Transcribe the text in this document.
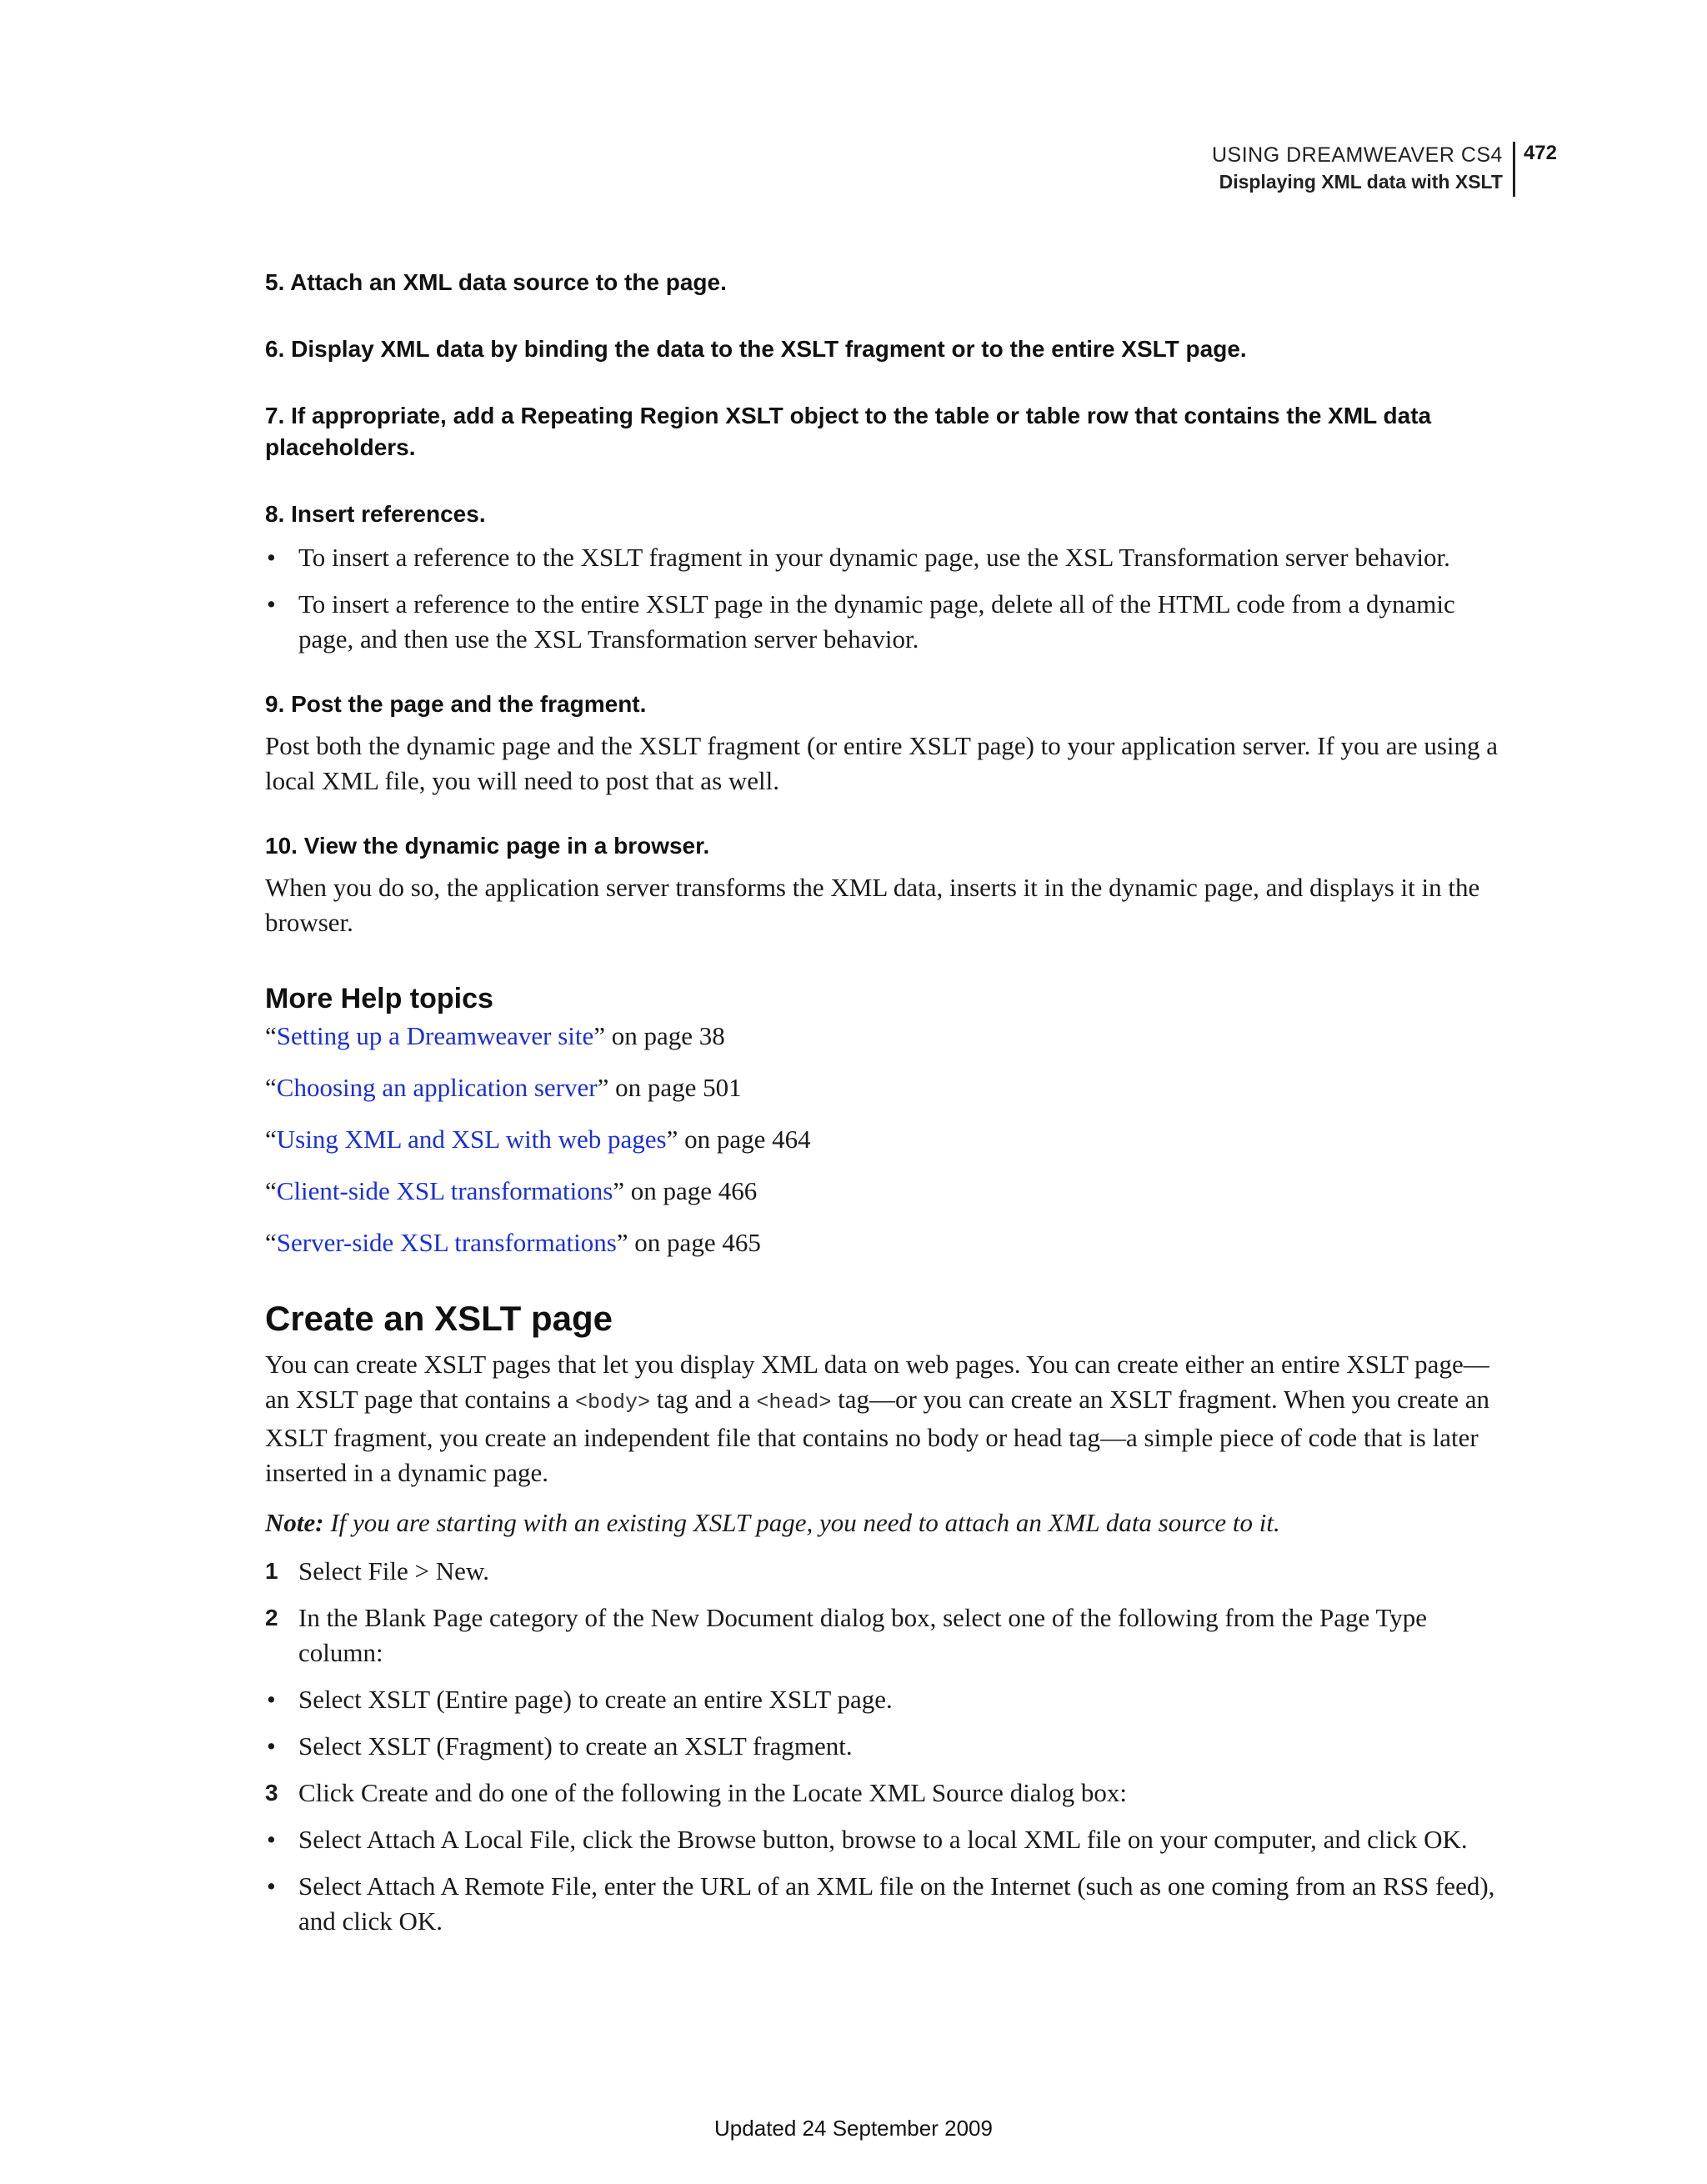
USING DREAMWEAVER CS4
Displaying XML data with XSLT
472
5. Attach an XML data source to the page.
6. Display XML data by binding the data to the XSLT fragment or to the entire XSLT page.
7. If appropriate, add a Repeating Region XSLT object to the table or table row that contains the XML data
placeholders.
8. Insert references.
• To insert a reference to the XSLT fragment in your dynamic page, use the XSL Transformation server behavior.
• To insert a reference to the entire XSLT page in the dynamic page, delete all of the HTML code from a dynamic page, and then use the XSL Transformation server behavior.
9. Post the page and the fragment.
Post both the dynamic page and the XSLT fragment (or entire XSLT page) to your application server. If you are using a local XML file, you will need to post that as well.
10. View the dynamic page in a browser.
When you do so, the application server transforms the XML data, inserts it in the dynamic page, and displays it in the browser.
More Help topics
“Setting up a Dreamweaver site” on page 38
“Choosing an application server” on page 501
“Using XML and XSL with web pages” on page 464
“Client-side XSL transformations” on page 466
“Server-side XSL transformations” on page 465
Create an XSLT page
You can create XSLT pages that let you display XML data on web pages. You can create either an entire XSLT page—an XSLT page that contains a <body> tag and a <head> tag—or you can create an XSLT fragment. When you create an XSLT fragment, you create an independent file that contains no body or head tag—a simple piece of code that is later inserted in a dynamic page.
Note: If you are starting with an existing XSLT page, you need to attach an XML data source to it.
1 Select File > New.
2 In the Blank Page category of the New Document dialog box, select one of the following from the Page Type column:
• Select XSLT (Entire page) to create an entire XSLT page.
• Select XSLT (Fragment) to create an XSLT fragment.
3 Click Create and do one of the following in the Locate XML Source dialog box:
• Select Attach A Local File, click the Browse button, browse to a local XML file on your computer, and click OK.
• Select Attach A Remote File, enter the URL of an XML file on the Internet (such as one coming from an RSS feed), and click OK.
Updated 24 September 2009
